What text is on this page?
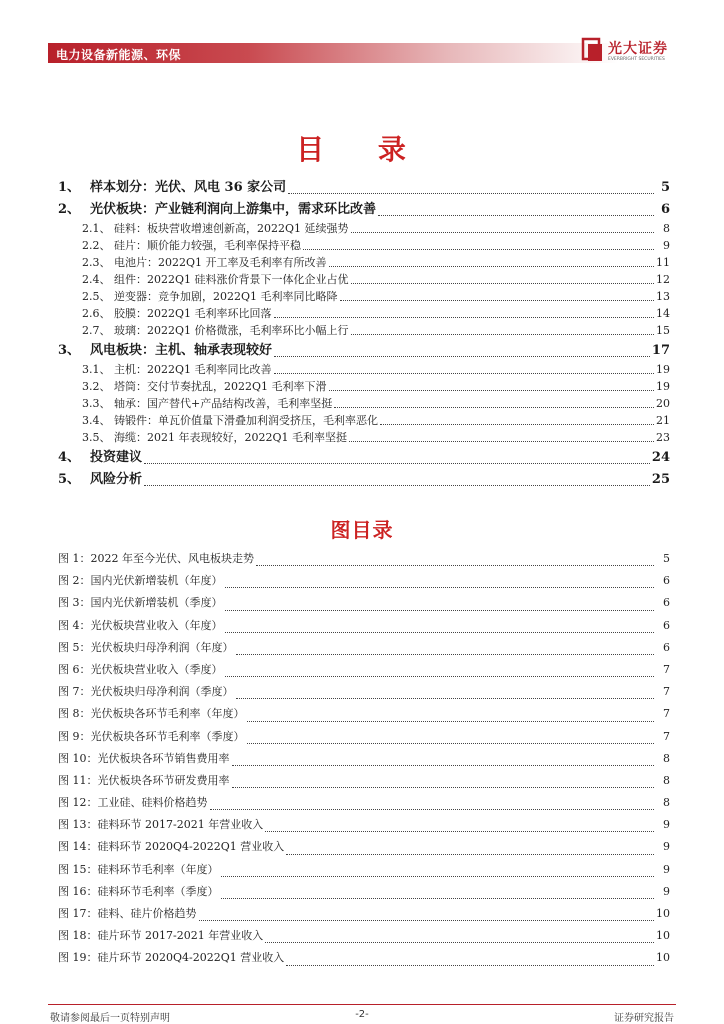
电力设备新能源、环保	光大证券
EVERBRIGHT SECURITIES
目 录
1、 样本划分：光伏、风电 36 家公司	5
2、 光伏板块：产业链利润向上游集中，需求环比改善	6
2.1、 硅料：板块营收增速创新高，2022Q1 延续强势	8
2.2、 硅片：顺价能力较强，毛利率保持平稳	9
2.3、 电池片：2022Q1 开工率及毛利率有所改善	11
2.4、 组件：2022Q1 硅料涨价背景下一体化企业占优	12
2.5、 逆变器：竞争加剧，2022Q1 毛利率同比略降	13
2.6、 胶膜：2022Q1 毛利率环比回落	14
2.7、 玻璃：2022Q1 价格微涨，毛利率环比小幅上行	15
3、 风电板块：主机、轴承表现较好	17
3.1、 主机：2022Q1 毛利率同比改善	19
3.2、 塔筒：交付节奏扰乱，2022Q1 毛利率下滑	19
3.3、 轴承：国产替代+产品结构改善，毛利率坚挺	20
3.4、 铸锻件：单瓦价值量下滑叠加利润受挤压，毛利率恶化	21
3.5、 海缆：2021 年表现较好，2022Q1 毛利率坚挺	23
4、 投资建议	24
5、 风险分析	25
图目录
图 1：2022 年至今光伏、风电板块走势	5
图 2：国内光伏新增装机（年度）	6
图 3：国内光伏新增装机（季度）	6
图 4：光伏板块营业收入（年度）	6
图 5：光伏板块归母净利润（年度）	6
图 6：光伏板块营业收入（季度）	7
图 7：光伏板块归母净利润（季度）	7
图 8：光伏板块各环节毛利率（年度）	7
图 9：光伏板块各环节毛利率（季度）	7
图 10：光伏板块各环节销售费用率	8
图 11：光伏板块各环节研发费用率	8
图 12：工业硅、硅料价格趋势	8
图 13：硅料环节 2017-2021 年营业收入	9
图 14：硅料环节 2020Q4-2022Q1 营业收入	9
图 15：硅料环节毛利率（年度）	9
图 16：硅料环节毛利率（季度）	9
图 17：硅料、硅片价格趋势	10
图 18：硅片环节 2017-2021 年营业收入	10
图 19：硅片环节 2020Q4-2022Q1 营业收入	10
敬请参阅最后一页特别声明	-2-	证券研究报告
